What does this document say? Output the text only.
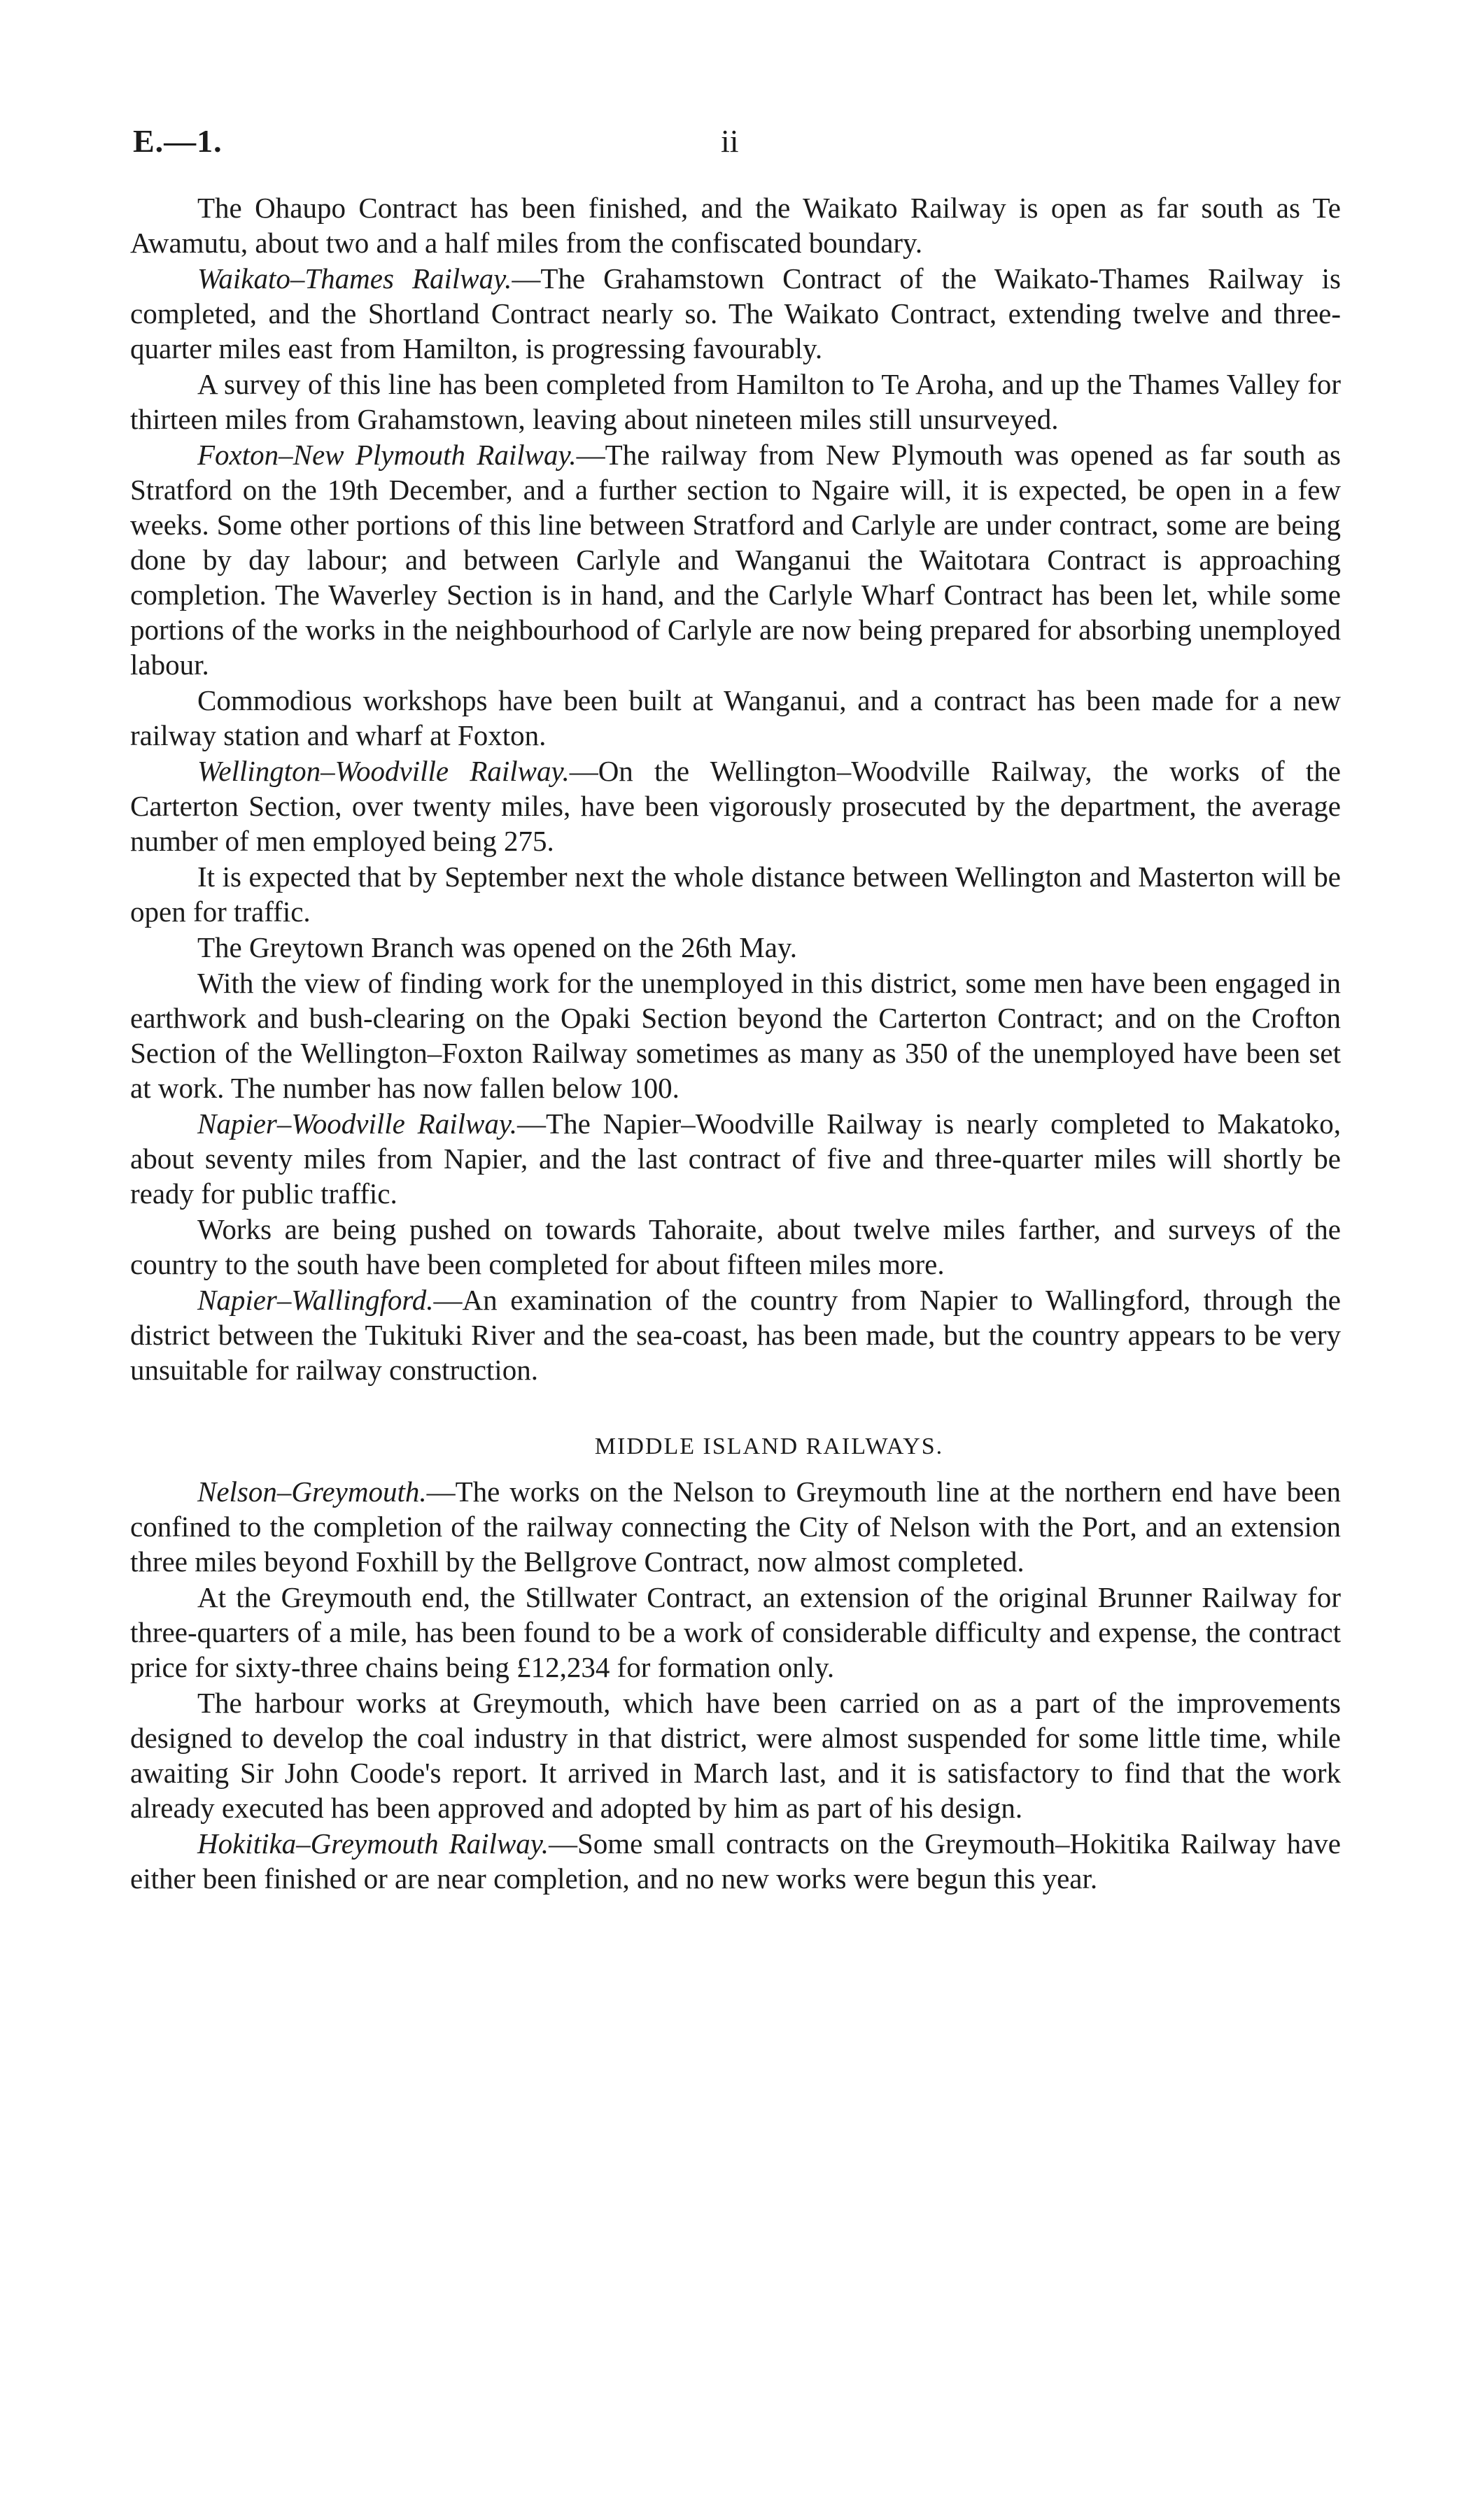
E.—1.	ii

The Ohaupo Contract has been finished, and the Waikato Railway is open as far south as Te Awamutu, about two and a half miles from the confiscated boundary.

Waikato–Thames Railway.—The Grahamstown Contract of the Waikato-Thames Railway is completed, and the Shortland Contract nearly so. The Waikato Contract, extending twelve and three-quarter miles east from Hamilton, is progressing favourably.

A survey of this line has been completed from Hamilton to Te Aroha, and up the Thames Valley for thirteen miles from Grahamstown, leaving about nineteen miles still unsurveyed.

Foxton–New Plymouth Railway.—The railway from New Plymouth was opened as far south as Stratford on the 19th December, and a further section to Ngaire will, it is expected, be open in a few weeks. Some other portions of this line between Stratford and Carlyle are under contract, some are being done by day labour; and between Carlyle and Wanganui the Waitotara Contract is approaching completion. The Waverley Section is in hand, and the Carlyle Wharf Contract has been let, while some portions of the works in the neighbourhood of Carlyle are now being prepared for absorbing unemployed labour.

Commodious workshops have been built at Wanganui, and a contract has been made for a new railway station and wharf at Foxton.

Wellington–Woodville Railway.—On the Wellington–Woodville Railway, the works of the Carterton Section, over twenty miles, have been vigorously prosecuted by the department, the average number of men employed being 275.

It is expected that by September next the whole distance between Wellington and Masterton will be open for traffic.

The Greytown Branch was opened on the 26th May.

With the view of finding work for the unemployed in this district, some men have been engaged in earthwork and bush-clearing on the Opaki Section beyond the Carterton Contract; and on the Crofton Section of the Wellington–Foxton Railway sometimes as many as 350 of the unemployed have been set at work. The number has now fallen below 100.

Napier–Woodville Railway.—The Napier–Woodville Railway is nearly completed to Makatoko, about seventy miles from Napier, and the last contract of five and three-quarter miles will shortly be ready for public traffic.

Works are being pushed on towards Tahoraite, about twelve miles farther, and surveys of the country to the south have been completed for about fifteen miles more.

Napier–Wallingford.—An examination of the country from Napier to Wallingford, through the district between the Tukituki River and the sea-coast, has been made, but the country appears to be very unsuitable for railway construction.

MIDDLE ISLAND RAILWAYS.

Nelson–Greymouth.—The works on the Nelson to Greymouth line at the northern end have been confined to the completion of the railway connecting the City of Nelson with the Port, and an extension three miles beyond Foxhill by the Bellgrove Contract, now almost completed.

At the Greymouth end, the Stillwater Contract, an extension of the original Brunner Railway for three-quarters of a mile, has been found to be a work of considerable difficulty and expense, the contract price for sixty-three chains being £12,234 for formation only.

The harbour works at Greymouth, which have been carried on as a part of the improvements designed to develop the coal industry in that district, were almost suspended for some little time, while awaiting Sir John Coode's report. It arrived in March last, and it is satisfactory to find that the work already executed has been approved and adopted by him as part of his design.

Hokitika–Greymouth Railway.—Some small contracts on the Greymouth–Hokitika Railway have either been finished or are near completion, and no new works were begun this year.
